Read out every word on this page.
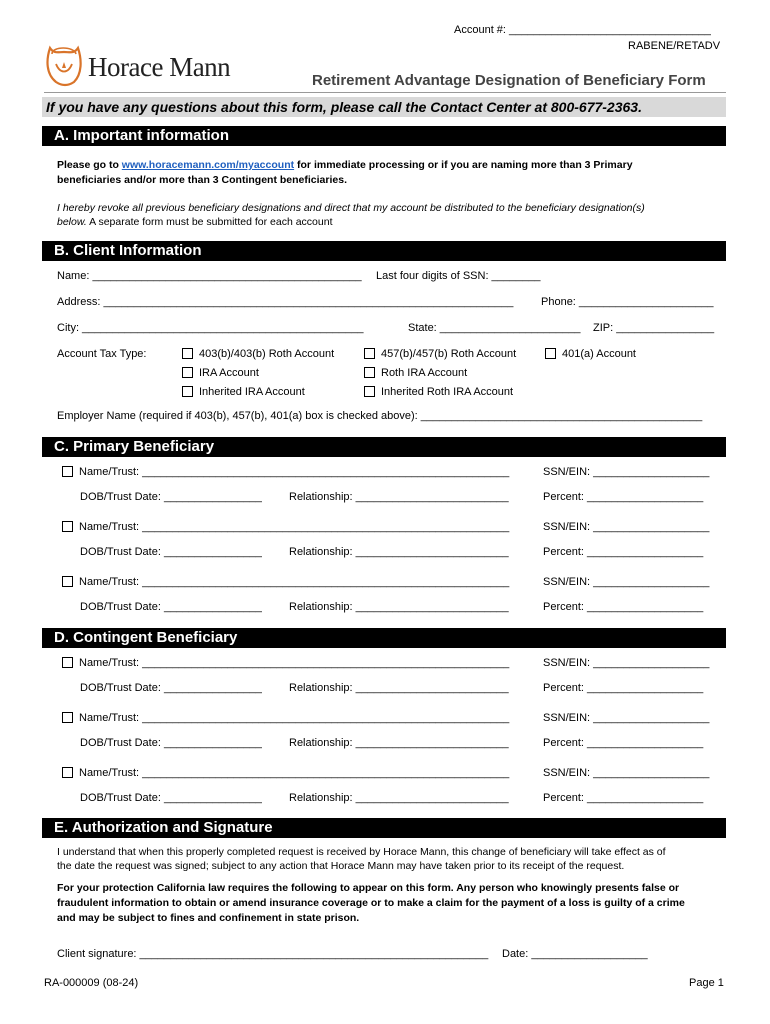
Account #: _________________________________
RABENE/RETADV
Horace Mann	Retirement Advantage Designation of Beneficiary Form
If you have any questions about this form, please call the Contact Center at 800-677-2363.
A. Important information
Please go to www.horacemann.com/myaccount for immediate processing or if you are naming more than 3 Primary
beneficiaries and/or more than 3 Contingent beneficiaries.
I hereby revoke all previous beneficiary designations and direct that my account be distributed to the beneficiary designation(s)
below. A separate form must be submitted for each account
B. Client Information
Name: ____________________________________________ Last four digits of SSN: ________
Address: ___________________________________________________________________	Phone: ______________________
City: ______________________________________________	State: _______________________ ZIP: ________________
Account Tax Type:	403(b)/403(b) Roth Account	457(b)/457(b) Roth Account	401(a) Account
IRA Account	Roth IRA Account
Inherited IRA Account	Inherited Roth IRA Account
Employer Name (required if 403(b), 457(b), 401(a) box is checked above): ______________________________________________
C. Primary Beneficiary
Name/Trust: ____________________________________________________________	SSN/EIN: ___________________
DOB/Trust Date: ________________ Relationship: _________________________	Percent: ___________________
Name/Trust: ____________________________________________________________	SSN/EIN: ___________________
DOB/Trust Date: ________________ Relationship: _________________________	Percent: ___________________
Name/Trust: ____________________________________________________________	SSN/EIN: ___________________
DOB/Trust Date: ________________ Relationship: _________________________	Percent: ___________________
D. Contingent Beneficiary
Name/Trust: ____________________________________________________________	SSN/EIN: ___________________
DOB/Trust Date: ________________ Relationship: _________________________	Percent: ___________________
Name/Trust: ____________________________________________________________	SSN/EIN: ___________________
DOB/Trust Date: ________________ Relationship: _________________________	Percent: ___________________
Name/Trust: ____________________________________________________________	SSN/EIN: ___________________
DOB/Trust Date: ________________ Relationship: _________________________	Percent: ___________________
E. Authorization and Signature
I understand that when this properly completed request is received by Horace Mann, this change of beneficiary will take effect as of
the date the request was signed; subject to any action that Horace Mann may have taken prior to its receipt of the request.
For your protection California law requires the following to appear on this form. Any person who knowingly presents false or
fraudulent information to obtain or amend insurance coverage or to make a claim for the payment of a loss is guilty of a crime
and may be subject to fines and confinement in state prison.
Client signature: _________________________________________________________ Date: ___________________
RA-000009 (08-24)	Page 1
